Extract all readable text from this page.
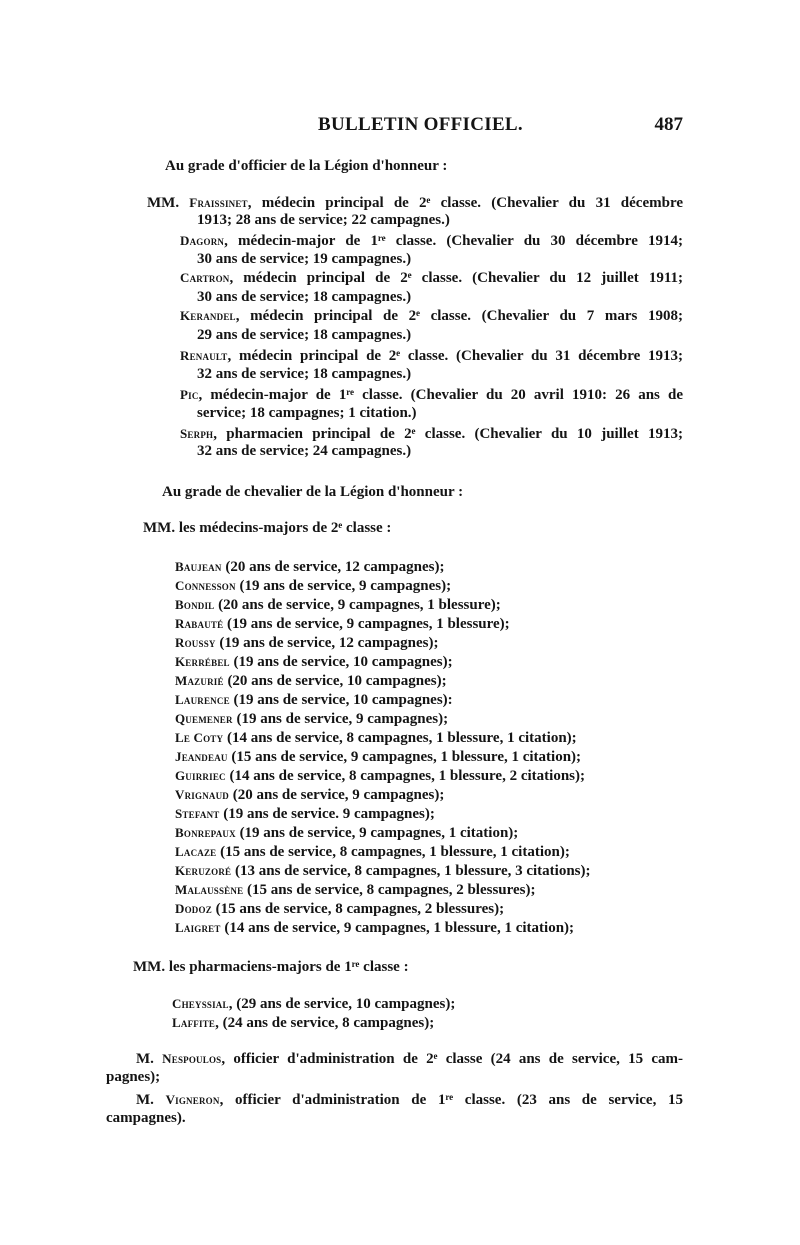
BULLETIN OFFICIEL.	487
Au grade d'officier de la Légion d'honneur :
MM. Fraissinet, médecin principal de 2ᵉ classe. (Chevalier du 31 décembre
1913; 28 ans de service; 22 campagnes.)
Dagorn, médecin-major de 1ʳᵉ classe. (Chevalier du 30 décembre 1914;
30 ans de service; 19 campagnes.)
Cartron, médecin principal de 2ᵉ classe. (Chevalier du 12 juillet 1911;
30 ans de service; 18 campagnes.)
Kerandel, médecin principal de 2ᵉ classe. (Chevalier du 7 mars 1908;
29 ans de service; 18 campagnes.)
Renault, médecin principal de 2ᵉ classe. (Chevalier du 31 décembre 1913;
32 ans de service; 18 campagnes.)
Pic, médecin-major de 1ʳᵉ classe. (Chevalier du 20 avril 1910: 26 ans de
service; 18 campagnes; 1 citation.)
Serph, pharmacien principal de 2ᵉ classe. (Chevalier du 10 juillet 1913;
32 ans de service; 24 campagnes.)
Au grade de chevalier de la Légion d'honneur :
MM. les médecins-majors de 2ᵉ classe :
Baujean (20 ans de service, 12 campagnes);
Connesson (19 ans de service, 9 campagnes);
Bondil (20 ans de service, 9 campagnes, 1 blessure);
Rabauté (19 ans de service, 9 campagnes, 1 blessure);
Roussy (19 ans de service, 12 campagnes);
Kerrébel (19 ans de service, 10 campagnes);
Mazurié (20 ans de service, 10 campagnes);
Laurence (19 ans de service, 10 campagnes):
Quemener (19 ans de service, 9 campagnes);
Le Coty (14 ans de service, 8 campagnes, 1 blessure, 1 citation);
Jeandeau (15 ans de service, 9 campagnes, 1 blessure, 1 citation);
Guirriec (14 ans de service, 8 campagnes, 1 blessure, 2 citations);
Vrignaud (20 ans de service, 9 campagnes);
Stefant (19 ans de service. 9 campagnes);
Bonrepaux (19 ans de service, 9 campagnes, 1 citation);
Lacaze (15 ans de service, 8 campagnes, 1 blessure, 1 citation);
Keruzoré (13 ans de service, 8 campagnes, 1 blessure, 3 citations);
Malaussène (15 ans de service, 8 campagnes, 2 blessures);
Dodoz (15 ans de service, 8 campagnes, 2 blessures);
Laigret (14 ans de service, 9 campagnes, 1 blessure, 1 citation);
MM. les pharmaciens-majors de 1ʳᵉ classe :
Cheyssial, (29 ans de service, 10 campagnes);
Laffite, (24 ans de service, 8 campagnes);
M. Nespoulos, officier d'administration de 2ᵉ classe (24 ans de service, 15 cam-
pagnes);
M. Vigneron, officier d'administration de 1ʳᵉ classe. (23 ans de service, 15
campagnes).
